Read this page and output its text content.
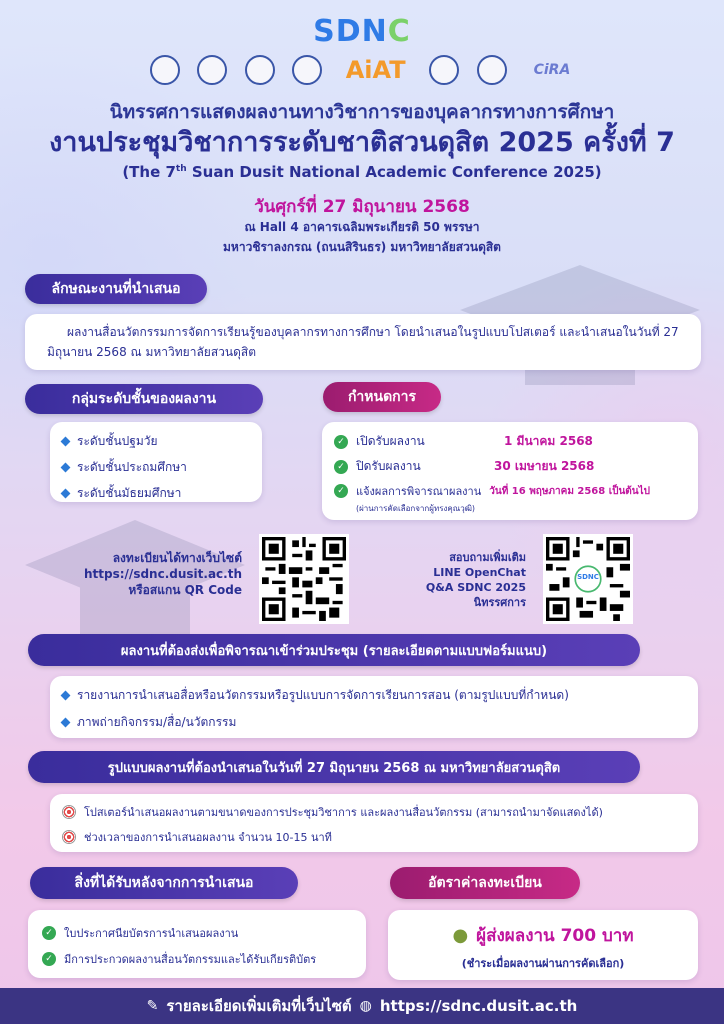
SDNC
AiAT	CiRA
นิทรรศการแสดงผลงานทางวิชาการของบุคลากรทางการศึกษา
งานประชุมวิชาการระดับชาติสวนดุสิต 2025 ครั้งที่ 7
(The 7th Suan Dusit National Academic Conference 2025)
วันศุกร์ที่ 27 มิถุนายน 2568
ณ Hall 4 อาคารเฉลิมพระเกียรติ 50 พรรษา
มหาวชิราลงกรณ (ถนนสิรินธร) มหาวิทยาลัยสวนดุสิต
ลักษณะงานที่นำเสนอ

ผลงานสื่อนวัตกรรมการจัดการเรียนรู้ของบุคลากรทางการศึกษา โดยนำเสนอในรูปแบบโปสเตอร์ และนำเสนอในวันที่ 27 มิถุนายน 2568 ณ มหาวิทยาลัยสวนดุสิต

กลุ่มระดับชั้นของผลงาน
ระดับชั้นปฐมวัย
ระดับชั้นประถมศึกษา
ระดับชั้นมัธยมศึกษา
กำหนดการ
✓ เปิดรับผลงาน	1 มีนาคม 2568
✓ ปิดรับผลงาน	30 เมษายน 2568
✓ แจ้งผลการพิจารณาผลงาน วันที่ 16 พฤษภาคม 2568 เป็นต้นไป
(ผ่านการคัดเลือกจากผู้ทรงคุณวุฒิ)
ลงทะเบียนได้ทางเว็บไซต์
https://sdnc.dusit.ac.th
หรือสแกน QR Code
สอบถามเพิ่มเติม
LINE OpenChat
Q&A SDNC 2025
นิทรรศการ
SDNC
ผลงานที่ต้องส่งเพื่อพิจารณาเข้าร่วมประชุม (รายละเอียดตามแบบฟอร์มแนบ)
รายงานการนำเสนอสื่อหรือนวัตกรรมหรือรูปแบบการจัดการเรียนการสอน (ตามรูปแบบที่กำหนด)
ภาพถ่ายกิจกรรม/สื่อ/นวัตกรรม
รูปแบบผลงานที่ต้องนำเสนอในวันที่ 27 มิถุนายน 2568 ณ มหาวิทยาลัยสวนดุสิต
โปสเตอร์นำเสนอผลงานตามขนาดของการประชุมวิชาการ และผลงานสื่อนวัตกรรม (สามารถนำมาจัดแสดงได้)
ช่วงเวลาของการนำเสนอผลงาน จำนวน 10-15 นาที
สิ่งที่ได้รับหลังจากการนำเสนอ
✓ ใบประกาศนียบัตรการนำเสนอผลงาน
✓ มีการประกวดผลงานสื่อนวัตกรรมและได้รับเกียรติบัตร
อัตราค่าลงทะเบียน
● ผู้ส่งผลงาน 700 บาท
(ชำระเมื่อผลงานผ่านการคัดเลือก)
✎ รายละเอียดเพิ่มเติมที่เว็บไซต์ ◍ https://sdnc.dusit.ac.th
